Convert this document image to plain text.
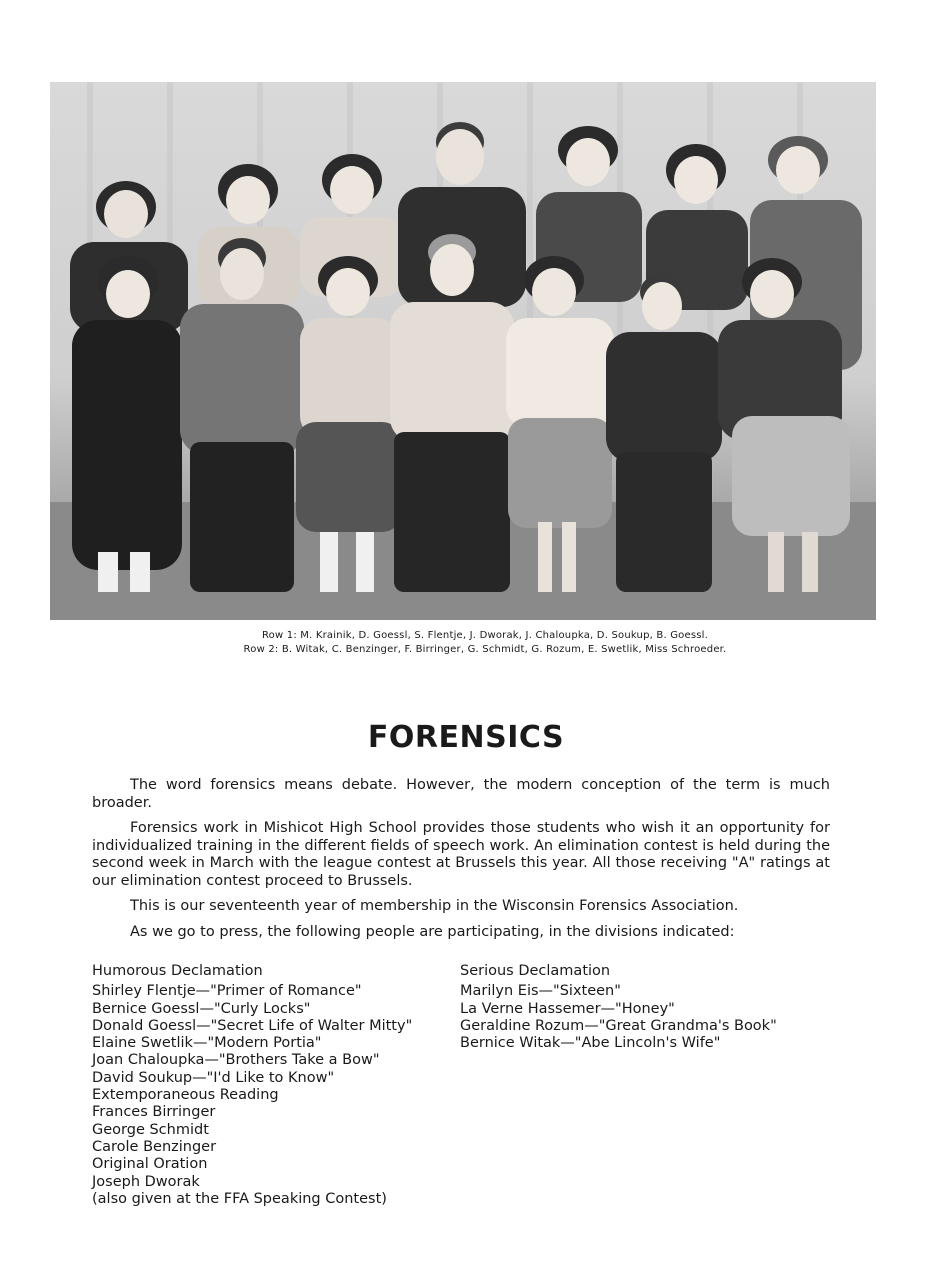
Row 1: M. Krainik, D. Goessl, S. Flentje, J. Dworak, J. Chaloupka, D. Soukup, B. Goessl.
Row 2: B. Witak, C. Benzinger, F. Birringer, G. Schmidt, G. Rozum, E. Swetlik, Miss Schroeder.
FORENSICS

The word forensics means debate. However, the modern conception of the term is much broader.

Forensics work in Mishicot High School provides those students who wish it an opportunity for individualized training in the different fields of speech work. An elimination contest is held during the second week in March with the league contest at Brussels this year. All those receiving "A" ratings at our elimination contest proceed to Brussels.

This is our seventeenth year of membership in the Wisconsin Forensics Association.

As we go to press, the following people are participating, in the divisions indicated:

Humorous Declamation
Shirley Flentje—"Primer of Romance"
Bernice Goessl—"Curly Locks"
Donald Goessl—"Secret Life of Walter Mitty"
Elaine Swetlik—"Modern Portia"
Joan Chaloupka—"Brothers Take a Bow"
David Soukup—"I'd Like to Know"
Extemporaneous Reading
Frances Birringer
George Schmidt
Carole Benzinger
Original Oration
Joseph Dworak
(also given at the FFA Speaking Contest)
Serious Declamation
Marilyn Eis—"Sixteen"
La Verne Hassemer—"Honey"
Geraldine Rozum—"Great Grandma's Book"
Bernice Witak—"Abe Lincoln's Wife"
